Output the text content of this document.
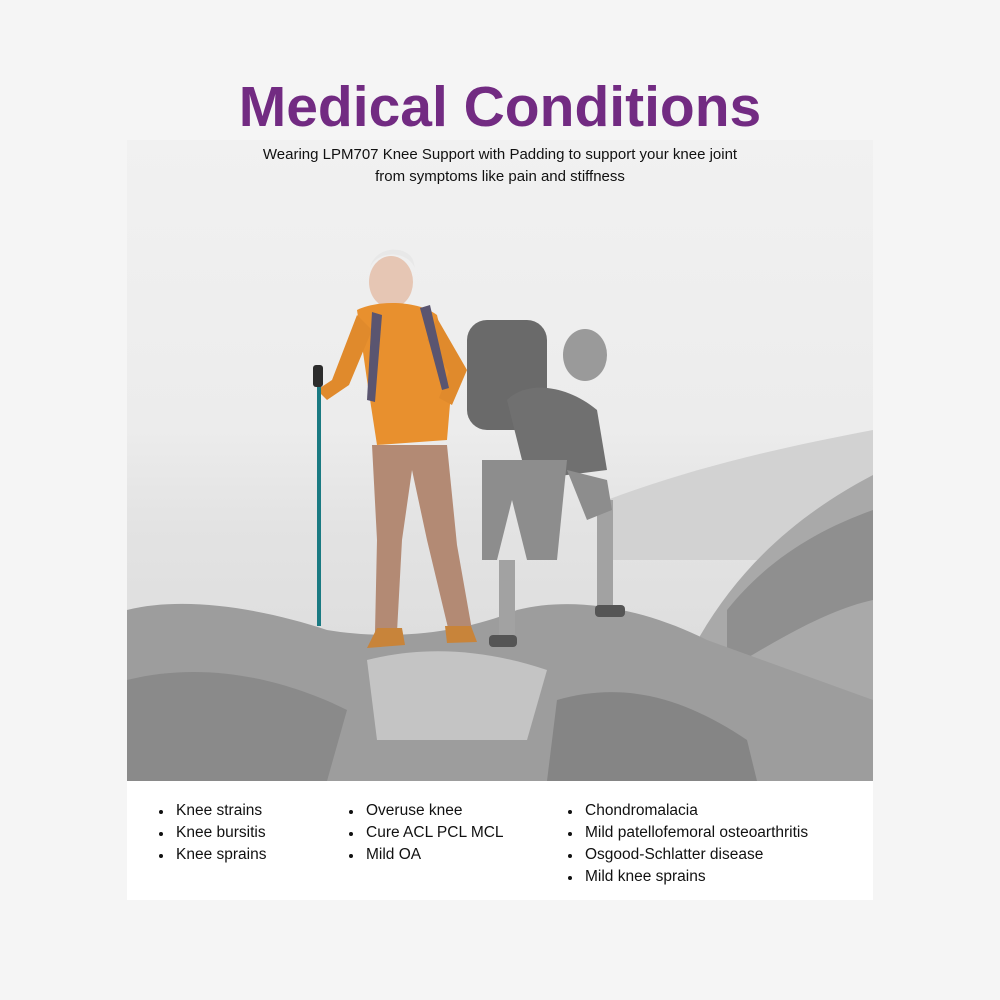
Medical Conditions

Wearing LPM707 Knee Support with Padding to support your knee joint
from symptoms like pain and stiffness

Knee strains
Knee bursitis
Knee sprains
Overuse knee
Cure ACL PCL MCL
Mild OA
Chondromalacia
Mild patellofemoral osteoarthritis
Osgood-Schlatter disease
Mild knee sprains
